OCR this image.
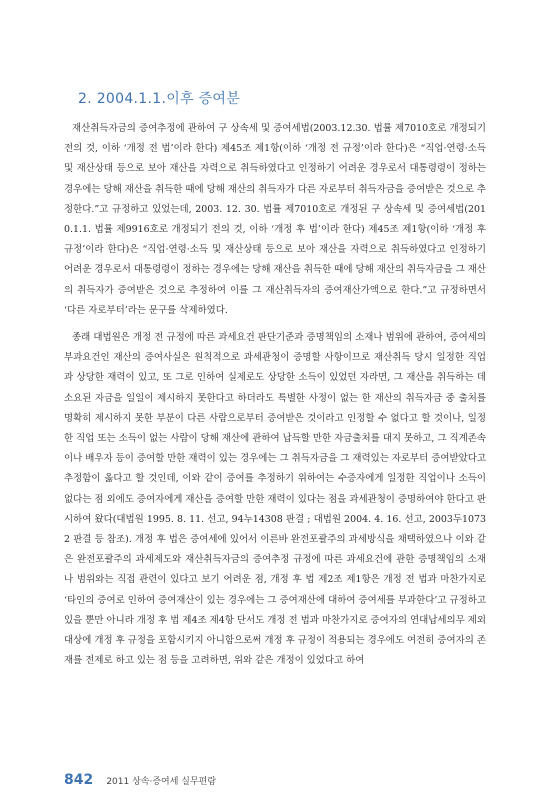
2. 2004.1.1.이후 증여분

재산취득자금의 증여추정에 관하여 구 상속세 및 증여세법(2003.12.30. 법률 제7010호로 개정되기 전의 것, 이하 ‘개정 전 법’이라 한다) 제45조 제1항(이하 ‘개정 전 규정’이라 한다)은 “직업·연령·소득 및 재산상태 등으로 보아 재산을 자력으로 취득하였다고 인정하기 어려운 경우로서 대통령령이 정하는 경우에는 당해 재산을 취득한 때에 당해 재산의 취득자가 다른 자로부터 취득자금을 증여받은 것으로 추정한다.”고 규정하고 있었는데, 2003. 12. 30. 법률 제7010호로 개정된 구 상속세 및 증여세법(2010.1.1. 법률 제9916호로 개정되기 전의 것, 이하 ‘개정 후 법’이라 한다) 제45조 제1항(이하 ‘개정 후 규정’이라 한다)은 “직업·연령·소득 및 재산상태 등으로 보아 재산을 자력으로 취득하였다고 인정하기 어려운 경우로서 대통령령이 정하는 경우에는 당해 재산을 취득한 때에 당해 재산의 취득자금을 그 재산의 취득자가 증여받은 것으로 추정하여 이를 그 재산취득자의 증여재산가액으로 한다.”고 규정하면서 ‘다른 자로부터’라는 문구를 삭제하였다.

종래 대법원은 개정 전 규정에 따른 과세요건 판단기준과 증명책임의 소재나 범위에 관하여, 증여세의 부과요건인 재산의 증여사실은 원칙적으로 과세관청이 증명할 사항이므로 재산취득 당시 일정한 직업과 상당한 재력이 있고, 또 그로 인하여 실제로도 상당한 소득이 있었던 자라면, 그 재산을 취득하는 데 소요된 자금을 일일이 제시하지 못한다고 하더라도 특별한 사정이 없는 한 재산의 취득자금 중 출처를 명확히 제시하지 못한 부분이 다른 사람으로부터 증여받은 것이라고 인정할 수 없다고 할 것이나, 일정한 직업 또는 소득이 없는 사람이 당해 재산에 관하여 납득할 만한 자금출처를 대지 못하고, 그 직계존속이나 배우자 등이 증여할 만한 재력이 있는 경우에는 그 취득자금을 그 재력있는 자로부터 증여받았다고 추정함이 옳다고 할 것인데, 이와 같이 증여를 추정하기 위하여는 수증자에게 일정한 직업이나 소득이 없다는 점 외에도 증여자에게 재산을 증여할 만한 재력이 있다는 점을 과세관청이 증명하여야 한다고 판시하여 왔다(대법원 1995. 8. 11. 선고, 94누14308 판결 ; 대법원 2004. 4. 16. 선고, 2003두10732 판결 등 참조). 개정 후 법은 증여세에 있어서 이른바 완전포괄주의 과세방식을 채택하였으나 이와 같은 완전포괄주의 과세제도와 재산취득자금의 증여추정 규정에 따른 과세요건에 관한 증명책임의 소재나 범위와는 직접 관련이 있다고 보기 어려운 점, 개정 후 법 제2조 제1항은 개정 전 법과 마찬가지로 ‘타인의 증여로 인하여 증여재산이 있는 경우에는 그 증여재산에 대하여 증여세를 부과한다’고 규정하고 있을 뿐만 아니라 개정 후 법 제4조 제4항 단서도 개정 전 법과 마찬가지로 증여자의 연대납세의무 제외 대상에 개정 후 규정을 포함시키지 아니함으로써 개정 후 규정이 적용되는 경우에도 여전히 증여자의 존재를 전제로 하고 있는 점 등을 고려하면, 위와 같은 개정이 있었다고 하여

842 2011 상속·증여세 실무편람
